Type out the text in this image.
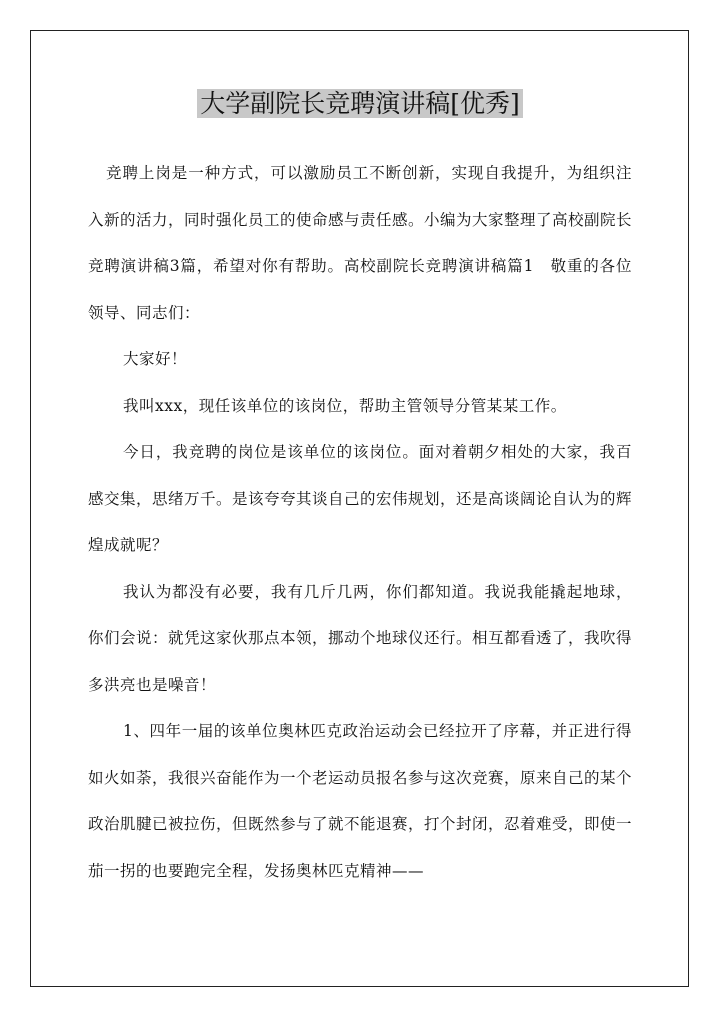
大学副院长竞聘演讲稿[优秀]

竞聘上岗是一种方式，可以激励员工不断创新，实现自我提升，为组织注入新的活力，同时强化员工的使命感与责任感。小编为大家整理了高校副院长竞聘演讲稿3篇，希望对你有帮助。高校副院长竞聘演讲稿篇1　敬重的各位领导、同志们：

大家好！

我叫xxx，现任该单位的该岗位，帮助主管领导分管某某工作。

今日，我竞聘的岗位是该单位的该岗位。面对着朝夕相处的大家，我百感交集，思绪万千。是该夸夸其谈自己的宏伟规划，还是高谈阔论自认为的辉煌成就呢？

我认为都没有必要，我有几斤几两，你们都知道。我说我能撬起地球，你们会说：就凭这家伙那点本领，挪动个地球仪还行。相互都看透了，我吹得多洪亮也是噪音！

1、四年一届的该单位奥林匹克政治运动会已经拉开了序幕，并正进行得如火如荼，我很兴奋能作为一个老运动员报名参与这次竞赛，原来自己的某个政治肌腱已被拉伤，但既然参与了就不能退赛，打个封闭，忍着难受，即使一茄一拐的也要跑完全程，发扬奥林匹克精神——
